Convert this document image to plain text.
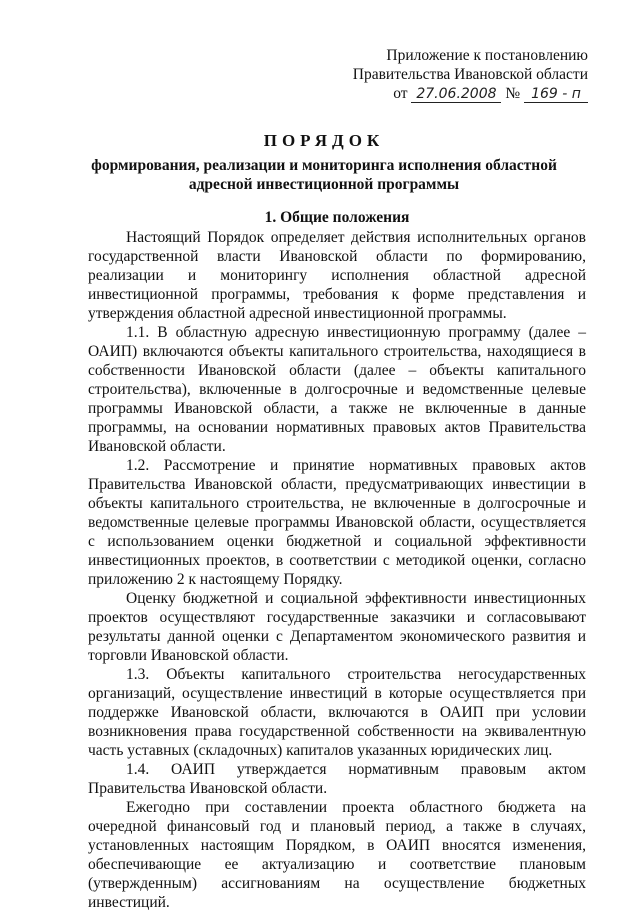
Приложение к постановлению
Правительства Ивановской области
от 27.06.2008 № 169 - п
ПОРЯДОК
формирования, реализации и мониторинга исполнения областной адресной инвестиционной программы
1. Общие положения

Настоящий Порядок определяет действия исполнительных органов государственной власти Ивановской области по формированию, реализации и мониторингу исполнения областной адресной инвестиционной программы, требования к форме представления и утверждения областной адресной инвестиционной программы.

1.1. В областную адресную инвестиционную программу (далее – ОАИП) включаются объекты капитального строительства, находящиеся в собственности Ивановской области (далее – объекты капитального строительства), включенные в долгосрочные и ведомственные целевые программы Ивановской области, а также не включенные в данные программы, на основании нормативных правовых актов Правительства Ивановской области.

1.2. Рассмотрение и принятие нормативных правовых актов Правительства Ивановской области, предусматривающих инвестиции в объекты капитального строительства, не включенные в долгосрочные и ведомственные целевые программы Ивановской области, осуществляется с использованием оценки бюджетной и социальной эффективности инвестиционных проектов, в соответствии с методикой оценки, согласно приложению 2 к настоящему Порядку.

Оценку бюджетной и социальной эффективности инвестиционных проектов осуществляют государственные заказчики и согласовывают результаты данной оценки с Департаментом экономического развития и торговли Ивановской области.

1.3. Объекты капитального строительства негосударственных организаций, осуществление инвестиций в которые осуществляется при поддержке Ивановской области, включаются в ОАИП при условии возникновения права государственной собственности на эквивалентную часть уставных (складочных) капиталов указанных юридических лиц.

1.4. ОАИП утверждается нормативным правовым актом Правительства Ивановской области.

Ежегодно при составлении проекта областного бюджета на очередной финансовый год и плановый период, а также в случаях, установленных настоящим Порядком, в ОАИП вносятся изменения, обеспечивающие ее актуализацию и соответствие плановым (утвержденным) ассигнованиям на осуществление бюджетных инвестиций.
